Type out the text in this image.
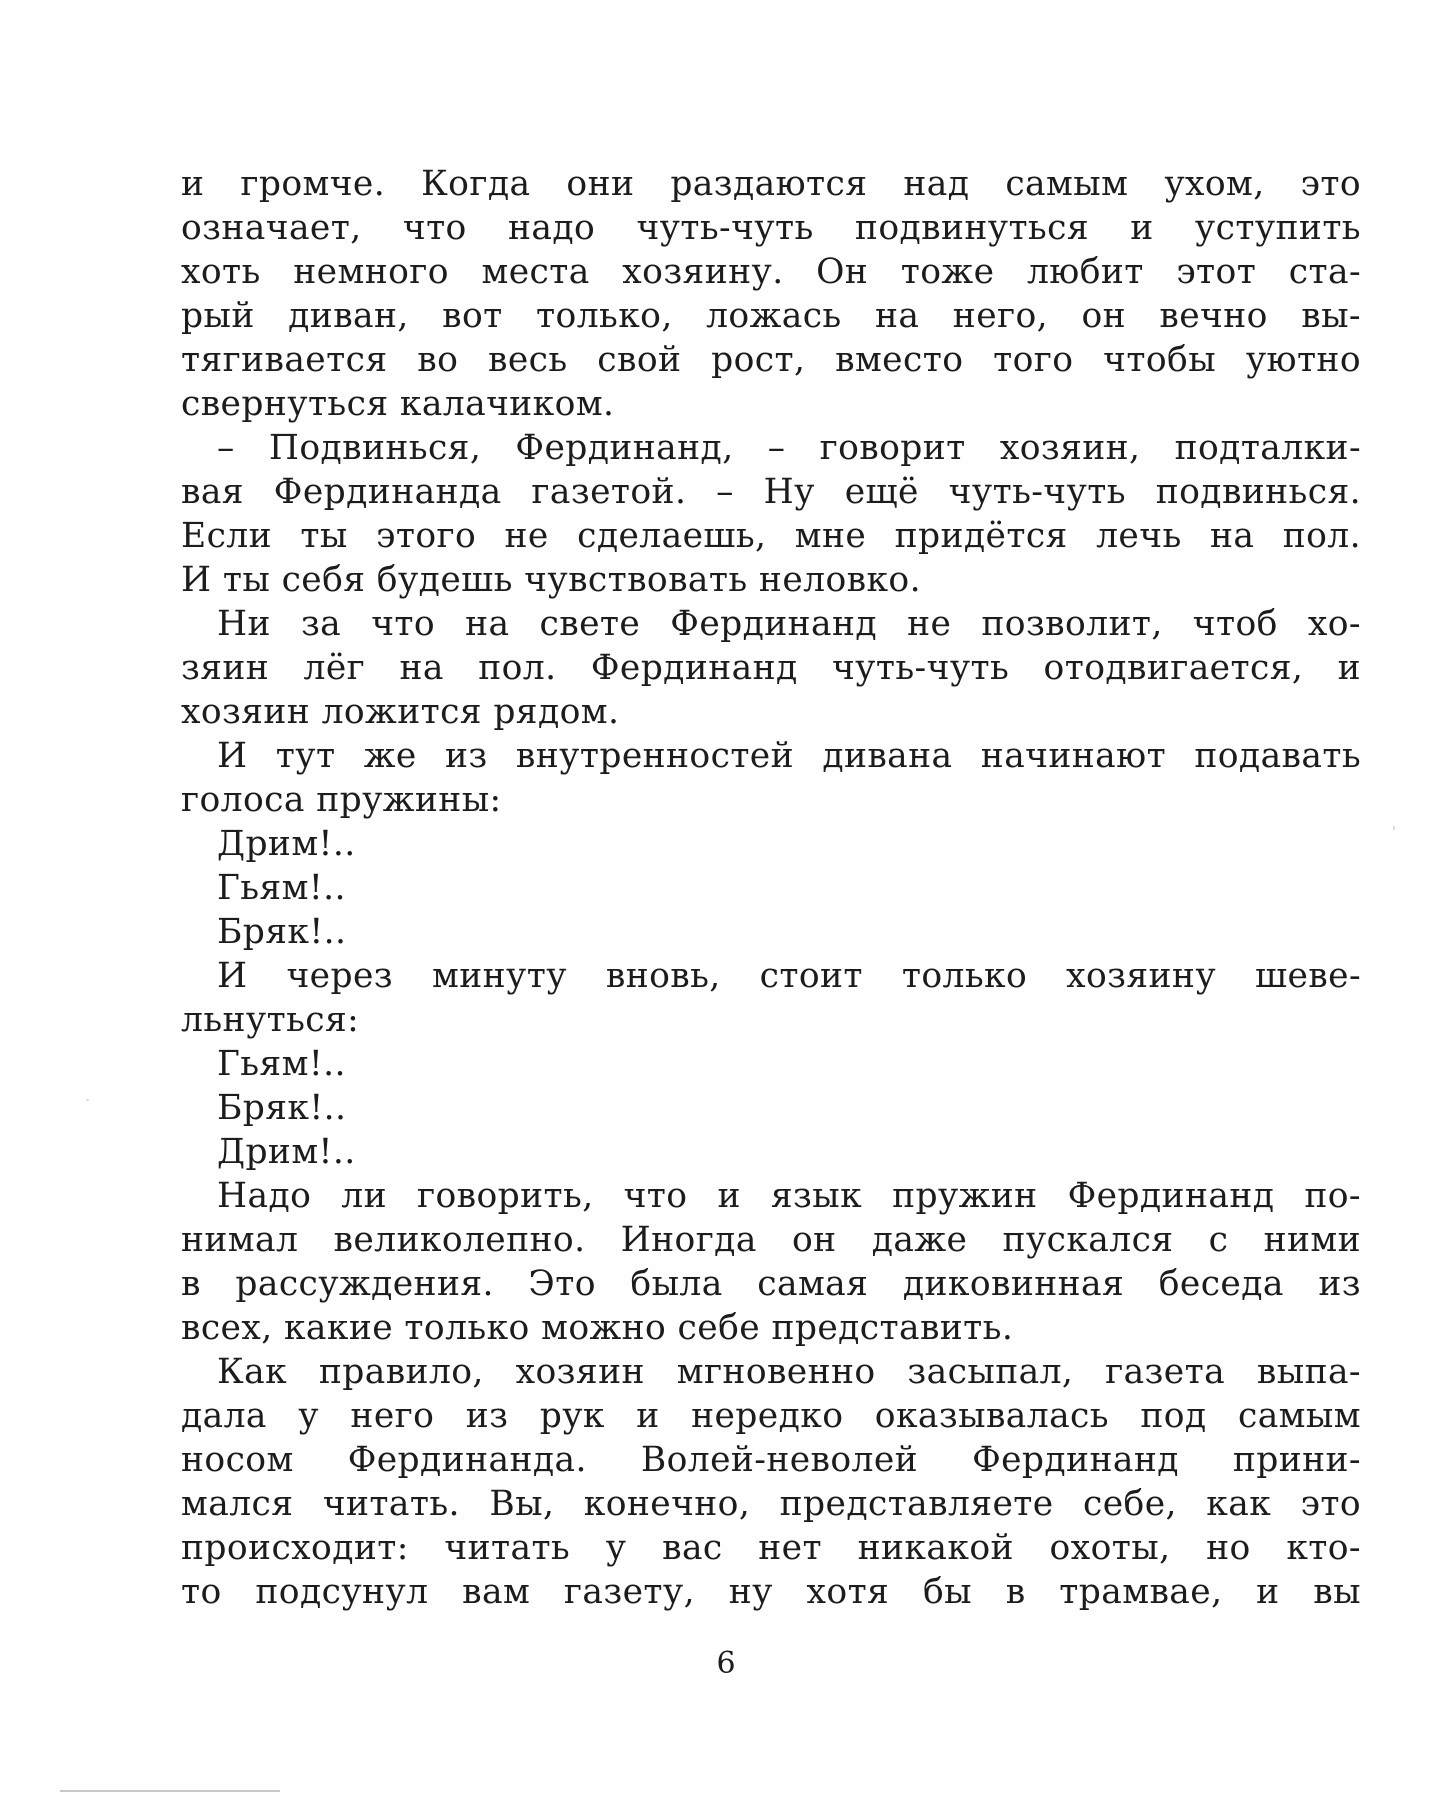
и громче. Когда они раздаются над самым ухом, это
означает, что надо чуть-чуть подвинуться и уступить
хоть немного места хозяину. Он тоже любит этот ста-
рый диван, вот только, ложась на него, он вечно вы-
тягивается во весь свой рост, вместо того чтобы уютно
свернуться калачиком.
– Подвинься, Фердинанд, – говорит хозяин, подталки-
вая Фердинанда газетой. – Ну ещё чуть-чуть подвинься.
Если ты этого не сделаешь, мне придётся лечь на пол.
И ты себя будешь чувствовать неловко.
Ни за что на свете Фердинанд не позволит, чтоб хо-
зяин лёг на пол. Фердинанд чуть-чуть отодвигается, и
хозяин ложится рядом.
И тут же из внутренностей дивана начинают подавать
голоса пружины:
Дрим!..
Гьям!..
Бряк!..
И через минуту вновь, стоит только хозяину шеве-
льнуться:
Гьям!..
Бряк!..
Дрим!..
Надо ли говорить, что и язык пружин Фердинанд по-
нимал великолепно. Иногда он даже пускался с ними
в рассуждения. Это была самая диковинная беседа из
всех, какие только можно себе представить.
Как правило, хозяин мгновенно засыпал, газета выпа-
дала у него из рук и нередко оказывалась под самым
носом Фердинанда. Волей-неволей Фердинанд прини-
мался читать. Вы, конечно, представляете себе, как это
происходит: читать у вас нет никакой охоты, но кто-
то подсунул вам газету, ну хотя бы в трамвае, и вы
6
